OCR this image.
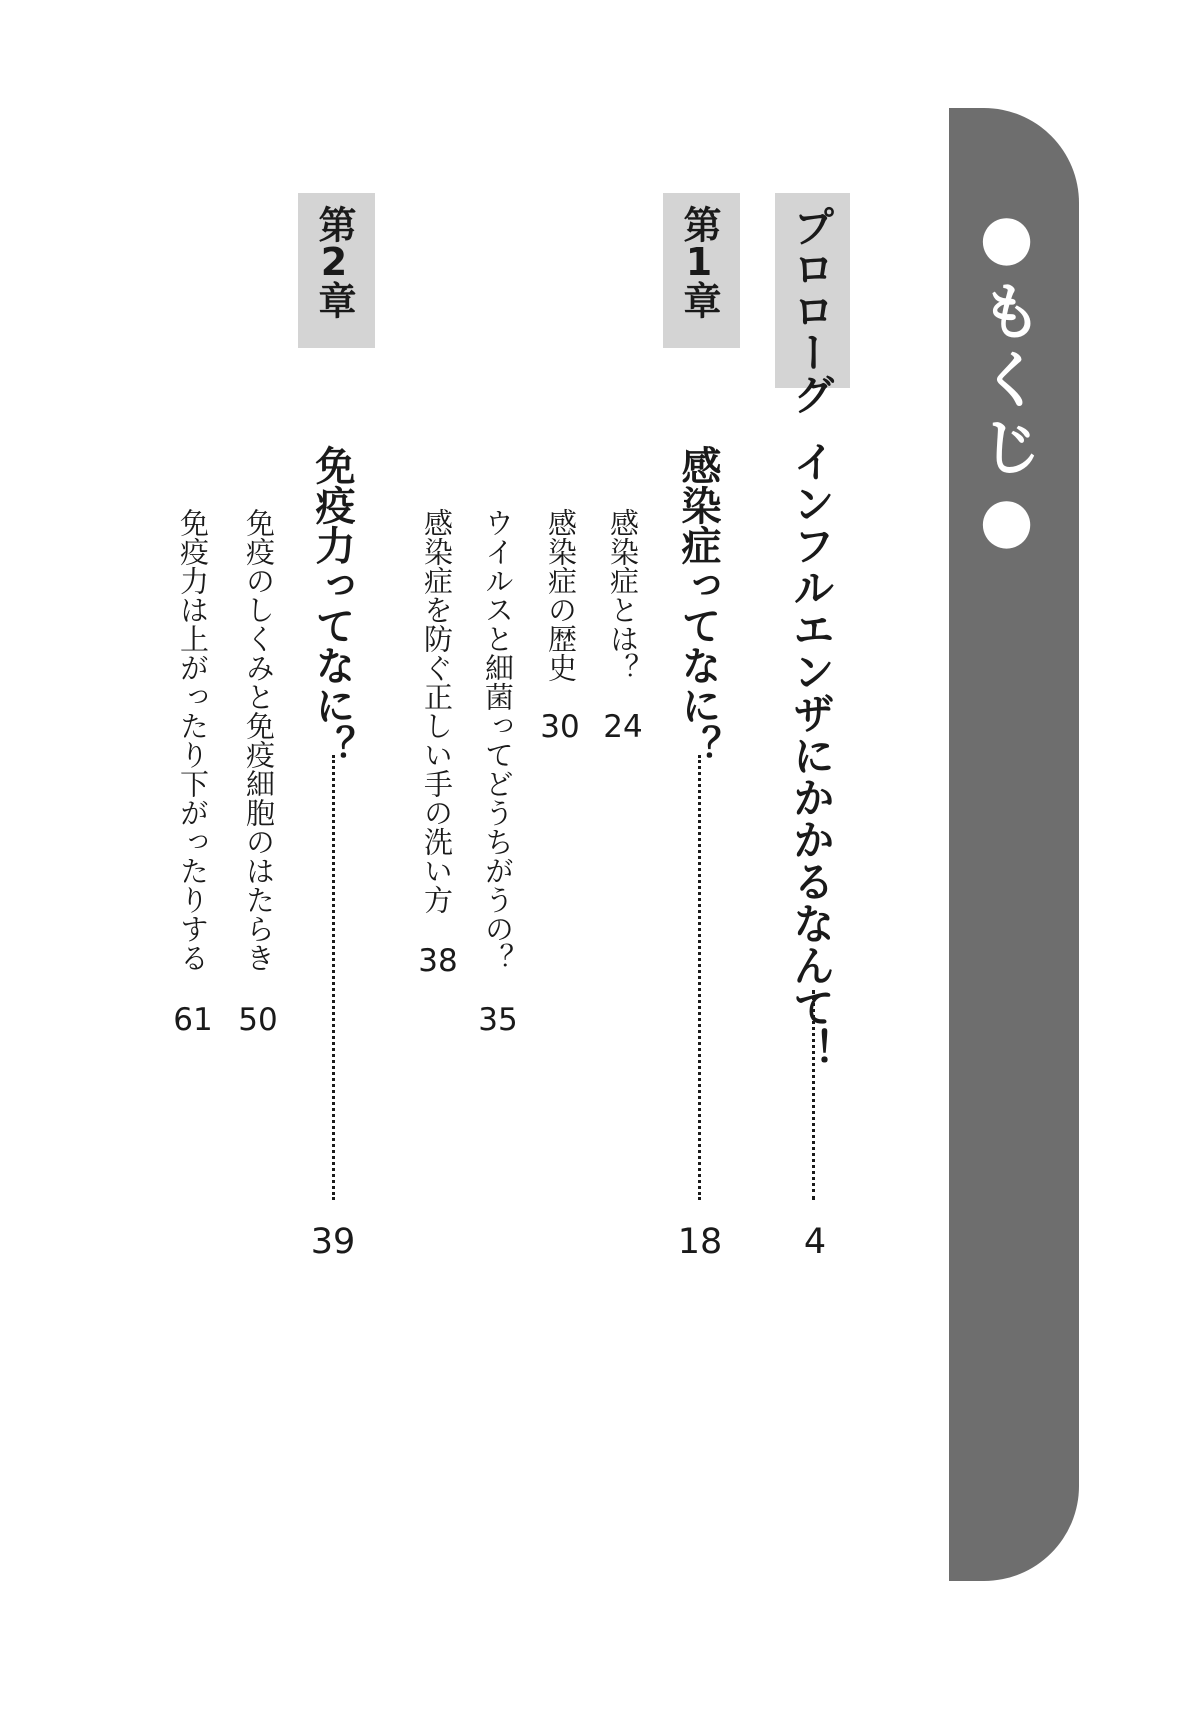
●もくじ●
プロローグ
インフルエンザにかかるなんて！
4
第1章
感染症ってなに？
18
感染症とは？
24
感染症の歴史
30
ウイルスと細菌ってどうちがうの？
35
感染症を防ぐ正しい手の洗い方
38
第2章
免疫力ってなに？
39
免疫のしくみと免疫細胞のはたらき
50
免疫力は上がったり下がったりする
61
